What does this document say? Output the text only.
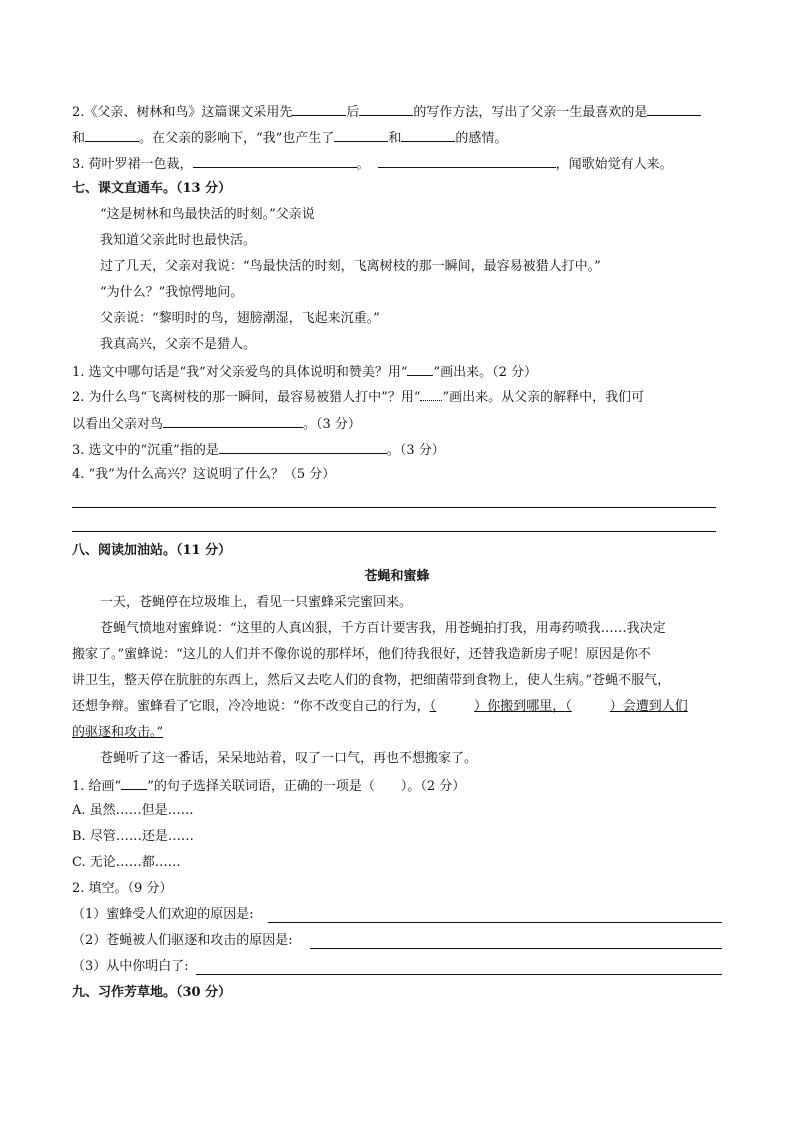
2.《父亲、树林和鸟》这篇课文采用先	后	的写作方法，写出了父亲一生最喜欢的是
和	。在父亲的影响下，“我”也产生了	和	的感情。
3. 荷叶罗裙一色裁，	。	，闻歌始觉有人来。
七、课文直通车。（13 分）
“这是树林和鸟最快活的时刻。”父亲说
我知道父亲此时也最快活。
过了几天，父亲对我说：“鸟最快活的时刻，飞离树枝的那一瞬间，最容易被猎人打中。”
“为什么？”我惊愕地问。
父亲说：“黎明时的鸟，翅膀潮湿，飞起来沉重。”
我真高兴，父亲不是猎人。
1. 选文中哪句话是“我”对父亲爱鸟的具体说明和赞美？用“ ”画出来。（2 分）
2. 为什么鸟“飞离树枝的那一瞬间，最容易被猎人打中”？用“ ”画出来。从父亲的解释中，我们可
以看出父亲对鸟	。（3 分）
3. 选文中的“沉重”指的是	。（3 分）
4. “我”为什么高兴？这说明了什么？（5 分）
八、阅读加油站。（11 分）
苍蝇和蜜蜂
一天，苍蝇停在垃圾堆上，看见一只蜜蜂采完蜜回来。
苍蝇气愤地对蜜蜂说：“这里的人真凶狠，千方百计要害我，用苍蝇拍打我，用毒药喷我……我决定
搬家了。”蜜蜂说：“这儿的人们并不像你说的那样坏，他们待我很好，还替我造新房子呢！原因是你不
讲卫生，整天停在肮脏的东西上，然后又去吃人们的食物，把细菌带到食物上，使人生病。”苍蝇不服气，
还想争辩。蜜蜂看了它眼，冷冷地说：“你不改变自己的行为，（	）你搬到哪里，（	）会遭到人们
的驱逐和攻击。”
苍蝇听了这一番话，呆呆地站着，叹了一口气，再也不想搬家了。
1. 给画“ ”的句子选择关联词语，正确的一项是（ ）。（2 分）
A. 虽然……但是……
B. 尽管……还是……
C. 无论……都……
2. 填空。（9 分）
（1）蜜蜂受人们欢迎的原因是:
（2）苍蝇被人们驱逐和攻击的原因是:
（3）从中你明白了:
九、习作芳草地。（30 分）
